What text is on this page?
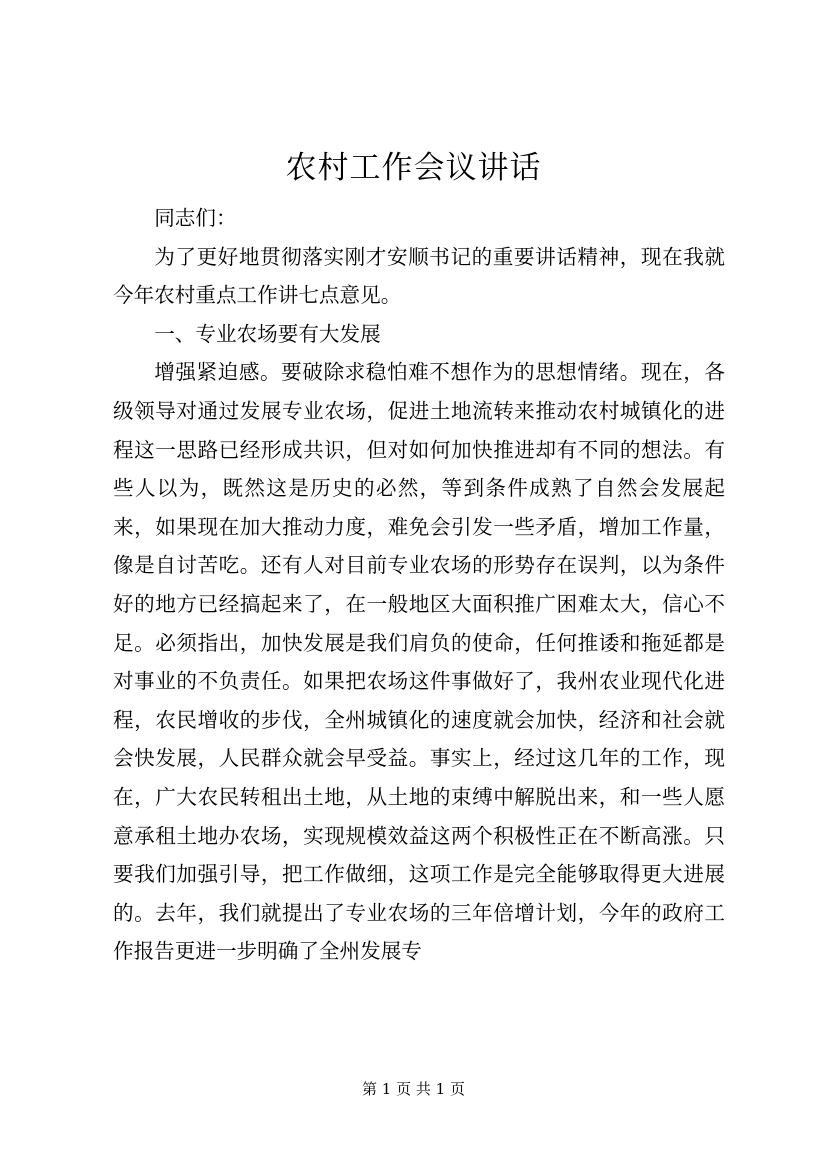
农村工作会议讲话

同志们：

为了更好地贯彻落实刚才安顺书记的重要讲话精神，现在我就今年农村重点工作讲七点意见。

一、专业农场要有大发展

增强紧迫感。要破除求稳怕难不想作为的思想情绪。现在，各级领导对通过发展专业农场，促进土地流转来推动农村城镇化的进程这一思路已经形成共识，但对如何加快推进却有不同的想法。有些人以为，既然这是历史的必然，等到条件成熟了自然会发展起来，如果现在加大推动力度，难免会引发一些矛盾，增加工作量，像是自讨苦吃。还有人对目前专业农场的形势存在误判，以为条件好的地方已经搞起来了，在一般地区大面积推广困难太大，信心不足。必须指出，加快发展是我们肩负的使命，任何推诿和拖延都是对事业的不负责任。如果把农场这件事做好了，我州农业现代化进程，农民增收的步伐，全州城镇化的速度就会加快，经济和社会就会快发展，人民群众就会早受益。事实上，经过这几年的工作，现在，广大农民转租出土地，从土地的束缚中解脱出来，和一些人愿意承租土地办农场，实现规模效益这两个积极性正在不断高涨。只要我们加强引导，把工作做细，这项工作是完全能够取得更大进展的。去年，我们就提出了专业农场的三年倍增计划，今年的政府工作报告更进一步明确了全州发展专

第 1 页 共 1 页
